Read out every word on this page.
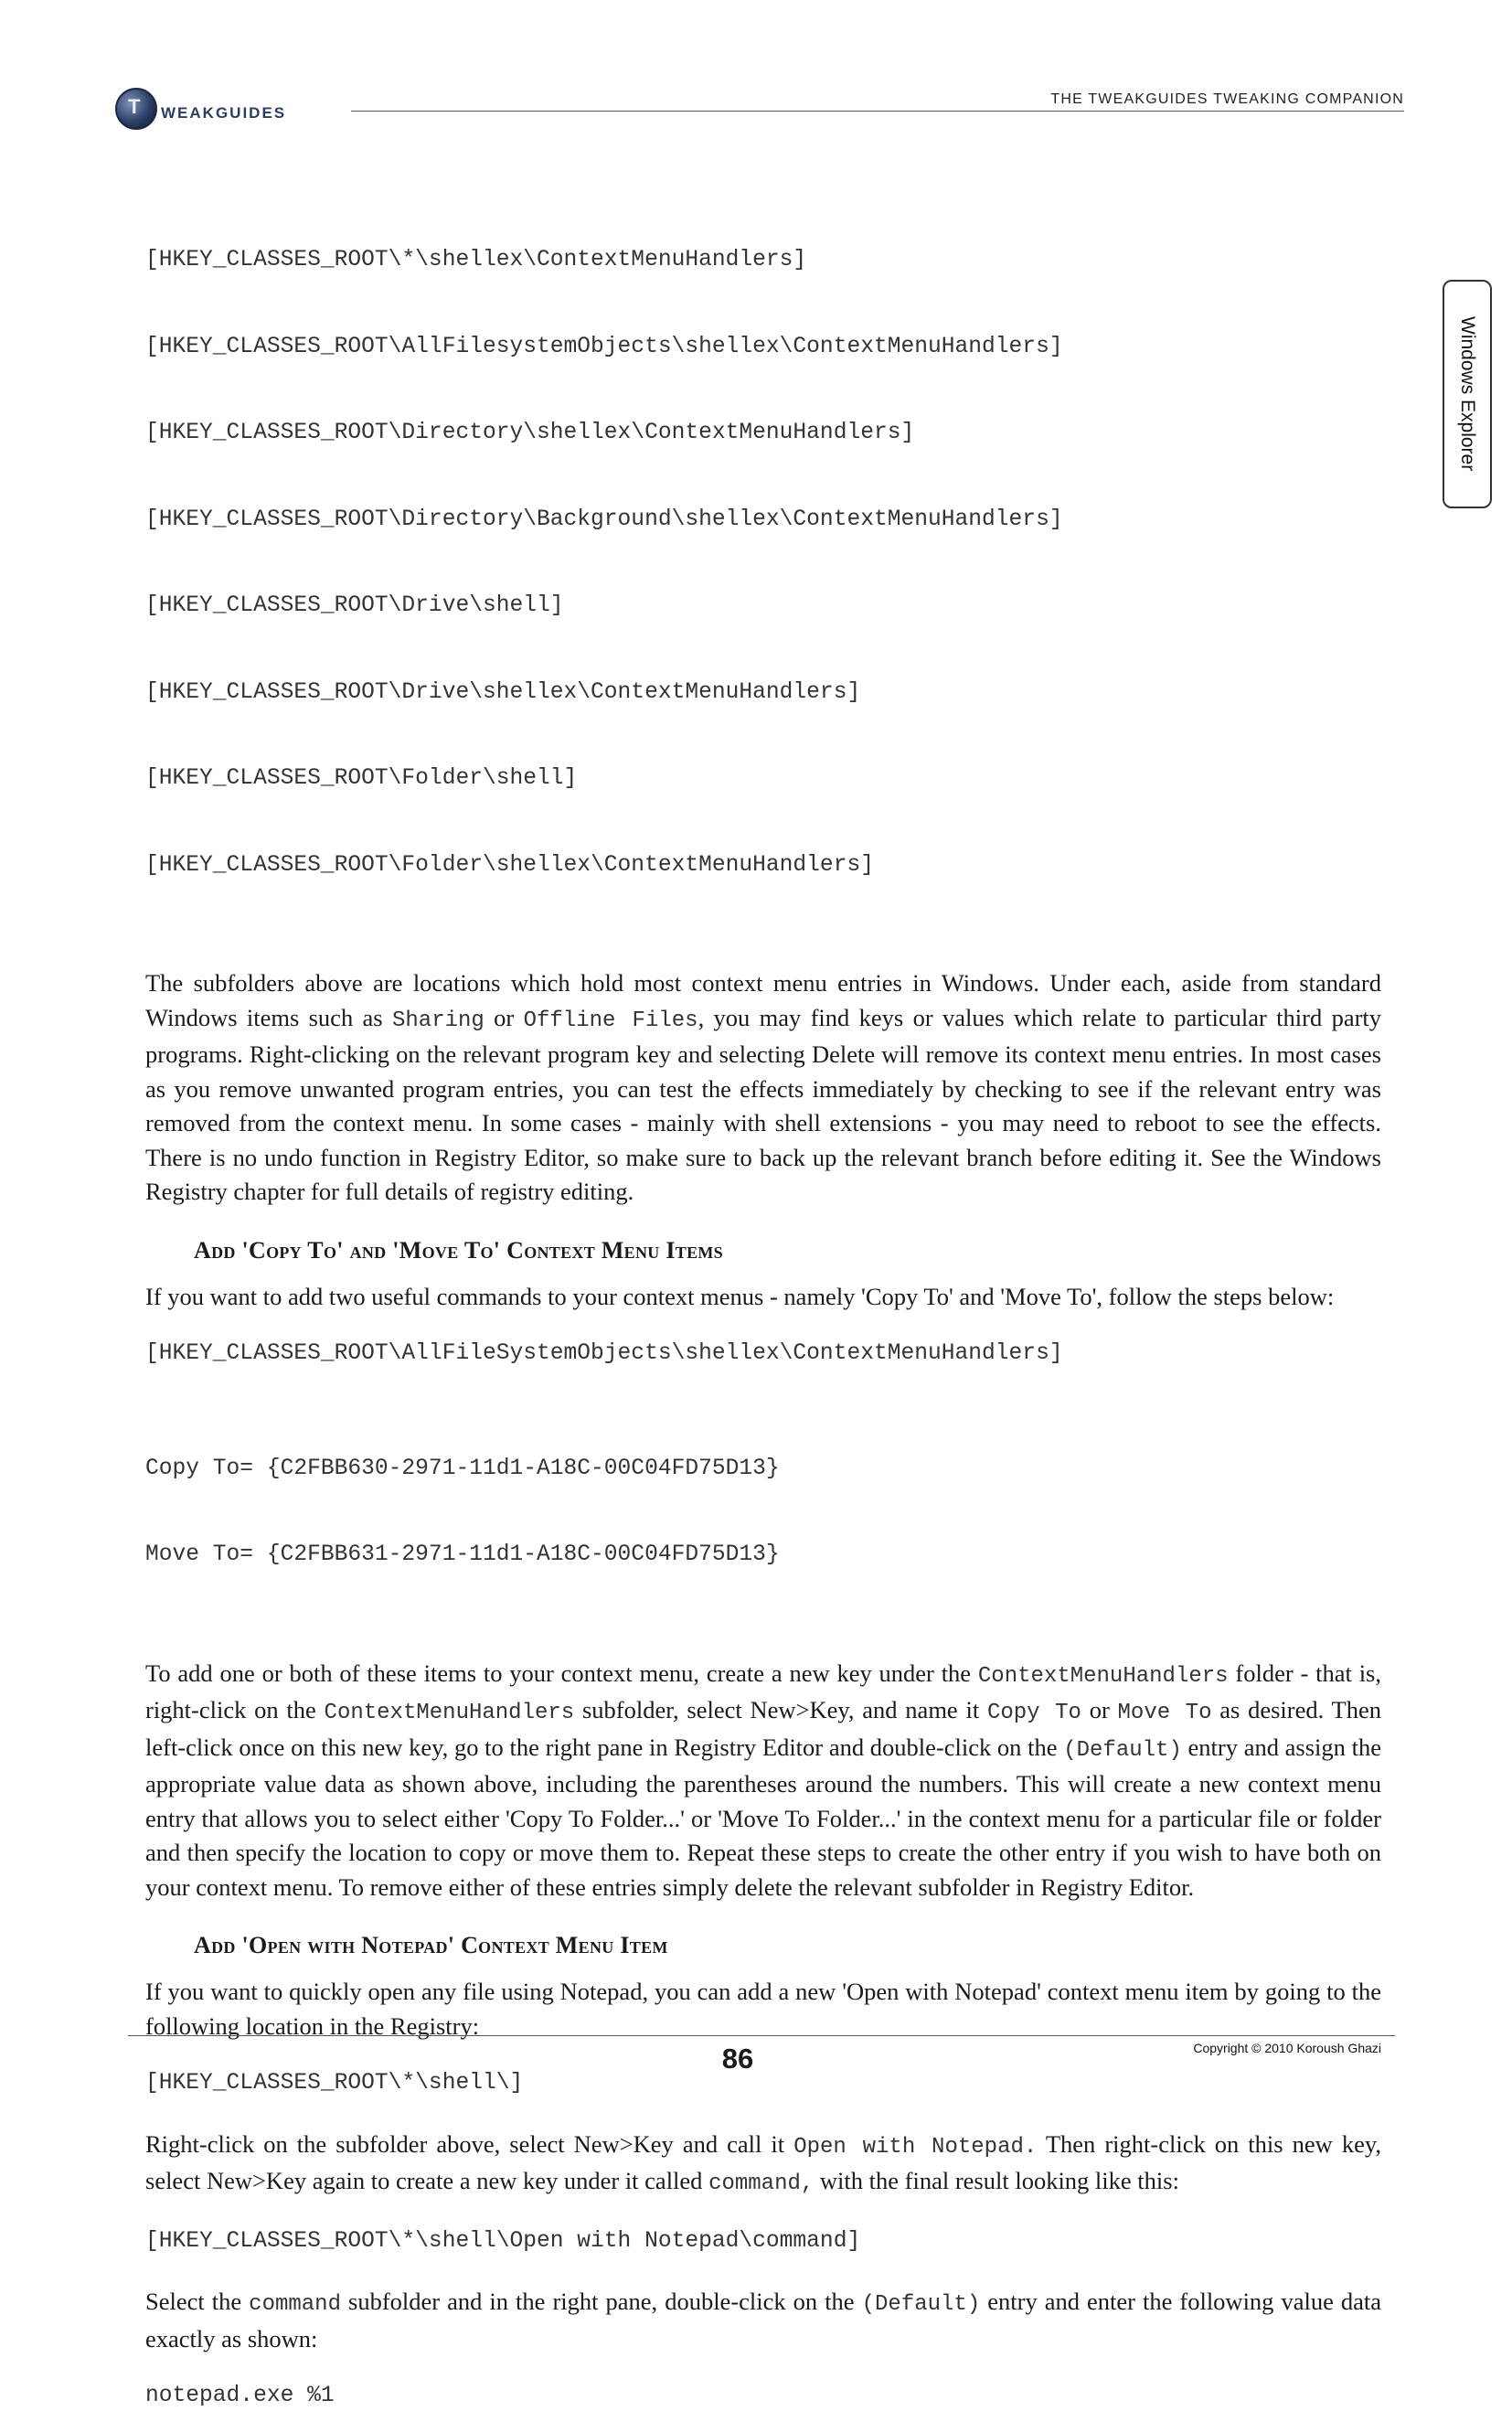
T
WEAKGUIDES
THE TWEAKGUIDES TWEAKING COMPANION
Windows Explorer

[HKEY_CLASSES_ROOT\*\shellex\ContextMenuHandlers]

[HKEY_CLASSES_ROOT\AllFilesystemObjects\shellex\ContextMenuHandlers]

[HKEY_CLASSES_ROOT\Directory\shellex\ContextMenuHandlers]

[HKEY_CLASSES_ROOT\Directory\Background\shellex\ContextMenuHandlers]

[HKEY_CLASSES_ROOT\Drive\shell]

[HKEY_CLASSES_ROOT\Drive\shellex\ContextMenuHandlers]

[HKEY_CLASSES_ROOT\Folder\shell]

[HKEY_CLASSES_ROOT\Folder\shellex\ContextMenuHandlers]

The subfolders above are locations which hold most context menu entries in Windows. Under each, aside from standard Windows items such as Sharing or Offline Files, you may find keys or values which relate to particular third party programs. Right-clicking on the relevant program key and selecting Delete will remove its context menu entries. In most cases as you remove unwanted program entries, you can test the effects immediately by checking to see if the relevant entry was removed from the context menu. In some cases - mainly with shell extensions - you may need to reboot to see the effects. There is no undo function in Registry Editor, so make sure to back up the relevant branch before editing it. See the Windows Registry chapter for full details of registry editing.

Add 'Copy To' and 'Move To' Context Menu Items

If you want to add two useful commands to your context menus - namely 'Copy To' and 'Move To', follow the steps below:

[HKEY_CLASSES_ROOT\AllFileSystemObjects\shellex\ContextMenuHandlers]

Copy To= {C2FBB630-2971-11d1-A18C-00C04FD75D13}

Move To= {C2FBB631-2971-11d1-A18C-00C04FD75D13}

To add one or both of these items to your context menu, create a new key under the ContextMenuHandlers folder - that is, right-click on the ContextMenuHandlers subfolder, select New>Key, and name it Copy To or Move To as desired. Then left-click once on this new key, go to the right pane in Registry Editor and double-click on the (Default) entry and assign the appropriate value data as shown above, including the parentheses around the numbers. This will create a new context menu entry that allows you to select either 'Copy To Folder...' or 'Move To Folder...' in the context menu for a particular file or folder and then specify the location to copy or move them to. Repeat these steps to create the other entry if you wish to have both on your context menu. To remove either of these entries simply delete the relevant subfolder in Registry Editor.

Add 'Open with Notepad' Context Menu Item

If you want to quickly open any file using Notepad, you can add a new 'Open with Notepad' context menu item by going to the following location in the Registry:

[HKEY_CLASSES_ROOT\*\shell\]

Right-click on the subfolder above, select New>Key and call it Open with Notepad. Then right-click on this new key, select New>Key again to create a new key under it called command, with the final result looking like this:

[HKEY_CLASSES_ROOT\*\shell\Open with Notepad\command]

Select the command subfolder and in the right pane, double-click on the (Default) entry and enter the following value data exactly as shown:

notepad.exe %1
Copyright © 2010 Koroush Ghazi
86
